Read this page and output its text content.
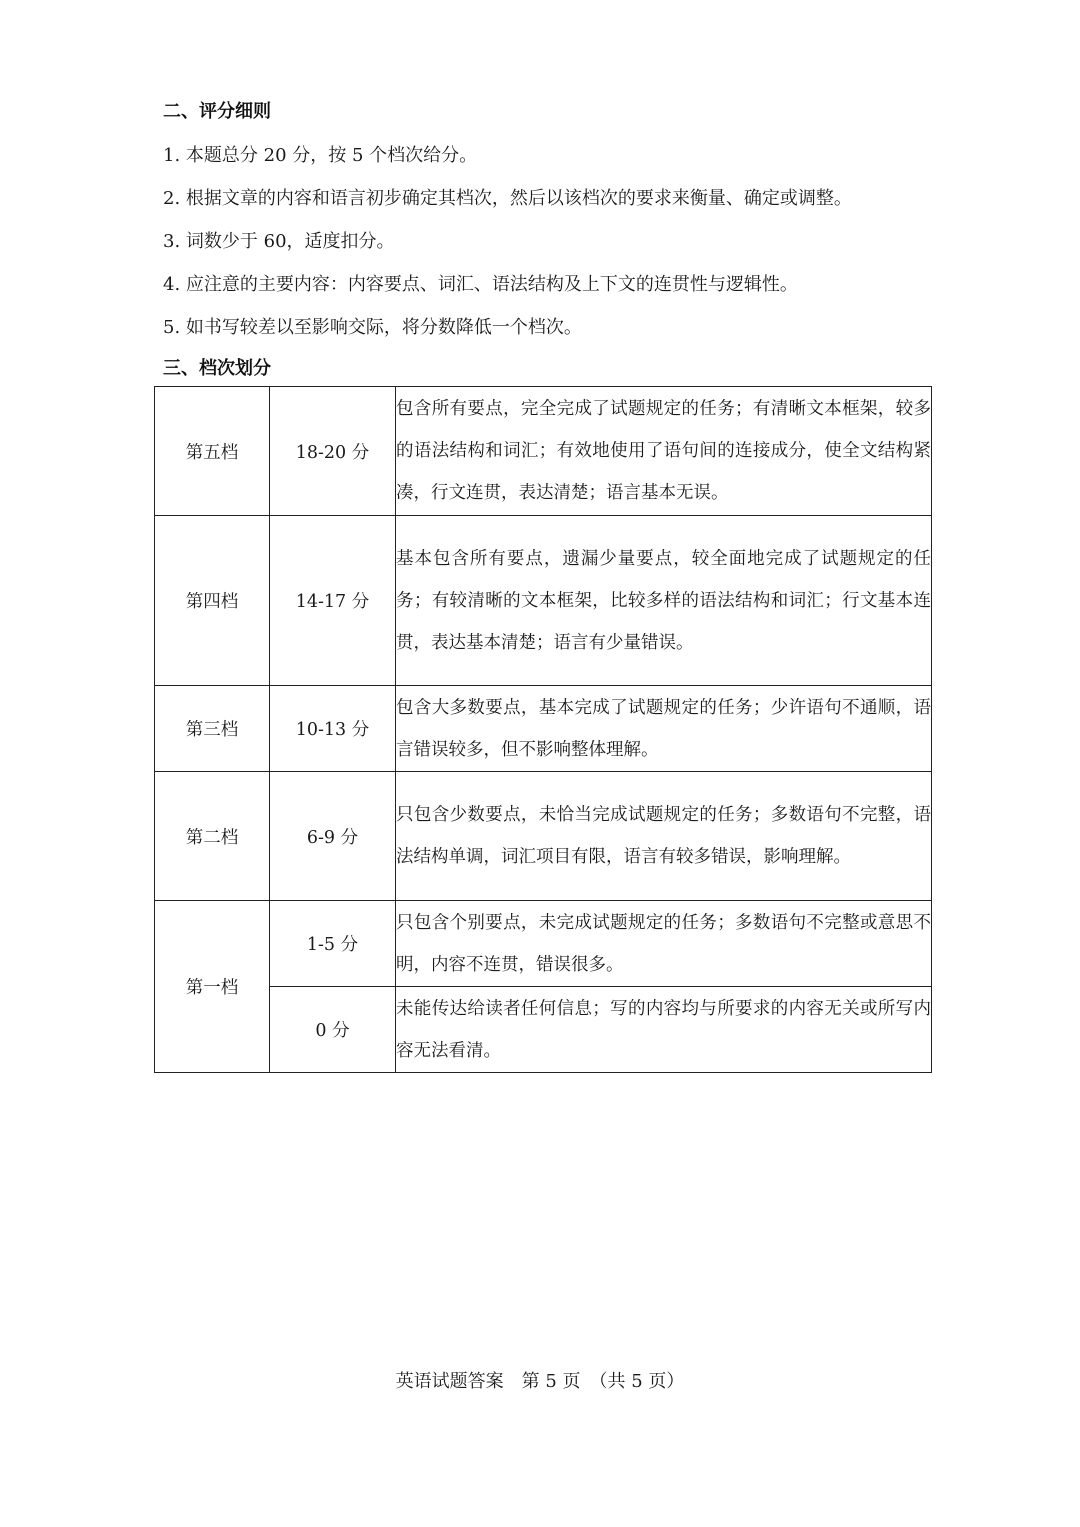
二、评分细则
1. 本题总分 20 分，按 5 个档次给分。
2. 根据文章的内容和语言初步确定其档次，然后以该档次的要求来衡量、确定或调整。
3. 词数少于 60，适度扣分。
4. 应注意的主要内容：内容要点、词汇、语法结构及上下文的连贯性与逻辑性。
5. 如书写较差以至影响交际，将分数降低一个档次。
三、档次划分
第五档	18-20 分	包含所有要点，完全完成了试题规定的任务；有清晰文本框架，较多的语法结构和词汇；有效地使用了语句间的连接成分，使全文结构紧凑，行文连贯，表达清楚；语言基本无误。
第四档	14-17 分	基本包含所有要点，遗漏少量要点，较全面地完成了试题规定的任务；有较清晰的文本框架，比较多样的语法结构和词汇；行文基本连贯，表达基本清楚；语言有少量错误。
第三档	10-13 分	包含大多数要点，基本完成了试题规定的任务；少许语句不通顺，语言错误较多，但不影响整体理解。
第二档	6-9 分	只包含少数要点，未恰当完成试题规定的任务；多数语句不完整，语法结构单调，词汇项目有限，语言有较多错误，影响理解。
第一档	1-5 分	只包含个别要点，未完成试题规定的任务；多数语句不完整或意思不明，内容不连贯，错误很多。
	0 分	未能传达给读者任何信息；写的内容均与所要求的内容无关或所写内容无法看清。
英语试题答案　第 5 页　（共 5 页）
